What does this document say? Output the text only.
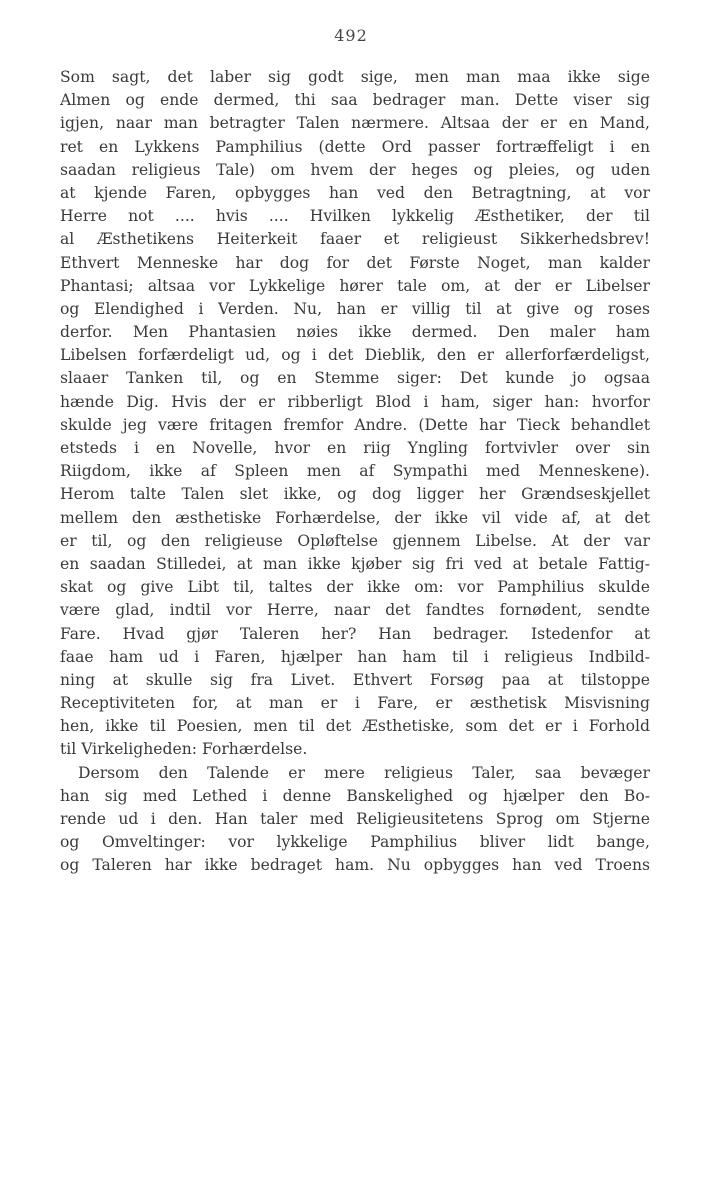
492
Som sagt, det laber sig godt sige, men man maa ikke sige
Almen og ende dermed, thi saa bedrager man. Dette viser sig
igjen, naar man betragter Talen nærmere. Altsaa der er en Mand,
ret en Lykkens Pamphilius (dette Ord passer fortræffeligt i en
saadan religieus Tale) om hvem der heges og pleies, og uden
at kjende Faren, opbygges han ved den Betragtning, at vor
Herre not .... hvis .... Hvilken lykkelig Æsthetiker, der til
al Æsthetikens Heiterkeit faaer et religieust Sikkerhedsbrev!
Ethvert Menneske har dog for det Første Noget, man kalder
Phantasi; altsaa vor Lykkelige hører tale om, at der er Libelser
og Elendighed i Verden. Nu, han er villig til at give og roses
derfor. Men Phantasien nøies ikke dermed. Den maler ham
Libelsen forfærdeligt ud, og i det Dieblik, den er allerforfærdeligst,
slaaer Tanken til, og en Stemme siger: Det kunde jo ogsaa
hænde Dig. Hvis der er ribberligt Blod i ham, siger han: hvorfor
skulde jeg være fritagen fremfor Andre. (Dette har Tieck behandlet
etsteds i en Novelle, hvor en riig Yngling fortvivler over sin
Riigdom, ikke af Spleen men af Sympathi med Menneskene).
Herom talte Talen slet ikke, og dog ligger her Grændseskjellet
mellem den æsthetiske Forhærdelse, der ikke vil vide af, at det
er til, og den religieuse Opløftelse gjennem Libelse. At der var
en saadan Stilledei, at man ikke kjøber sig fri ved at betale Fattig-
skat og give Libt til, taltes der ikke om: vor Pamphilius skulde
være glad, indtil vor Herre, naar det fandtes fornødent, sendte
Fare. Hvad gjør Taleren her? Han bedrager. Istedenfor at
faae ham ud i Faren, hjælper han ham til i religieus Indbild-
ning at skulle sig fra Livet. Ethvert Forsøg paa at tilstoppe
Receptiviteten for, at man er i Fare, er æsthetisk Misvisning
hen, ikke til Poesien, men til det Æsthetiske, som det er i Forhold
til Virkeligheden: Forhærdelse.
Dersom den Talende er mere religieus Taler, saa bevæger
han sig med Lethed i denne Banskelighed og hjælper den Bo-
rende ud i den. Han taler med Religieusitetens Sprog om Stjerne
og Omveltinger: vor lykkelige Pamphilius bliver lidt bange,
og Taleren har ikke bedraget ham. Nu opbygges han ved Troens
